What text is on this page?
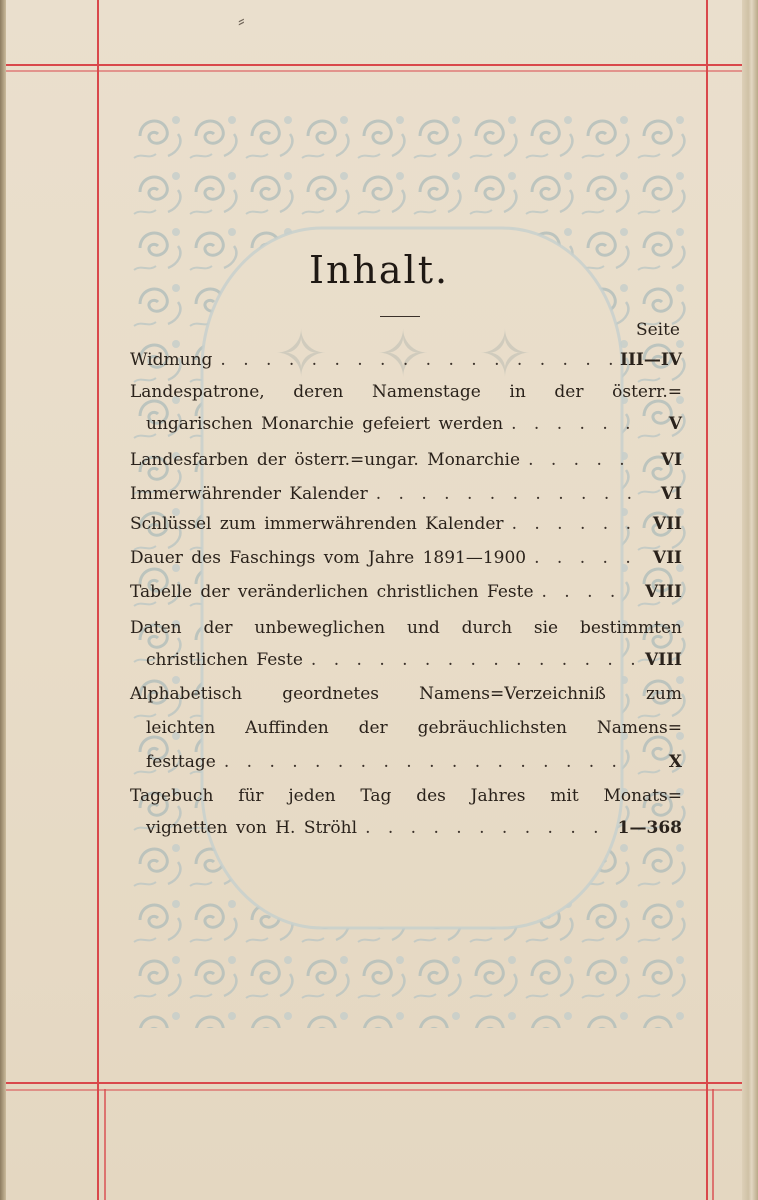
⸗
✧ ✧ ✧
Inhalt.
Seite
Widmung . . .	III—IV
Landespatrone, deren Namenstage in der österr.=
ungarischen Monarchie gefeiert werden . . .	V
Landesfarben der österr.=ungar. Monarchie . . .	VI
Immerwährender Kalender . . .	VI
Schlüssel zum immerwährenden Kalender . . .	VII
Dauer des Faschings vom Jahre 1891—1900 . . .	VII
Tabelle der veränderlichen christlichen Feste . . .	VIII
Daten der unbeweglichen und durch sie bestimmten
christlichen Feste . . .	VIII
Alphabetisch geordnetes Namens=Verzeichniß zum
leichten Auffinden der gebräuchlichsten Namens=
festtage . . .	X
Tagebuch für jeden Tag des Jahres mit Monats=
vignetten von H. Ströhl . . .	1—368
